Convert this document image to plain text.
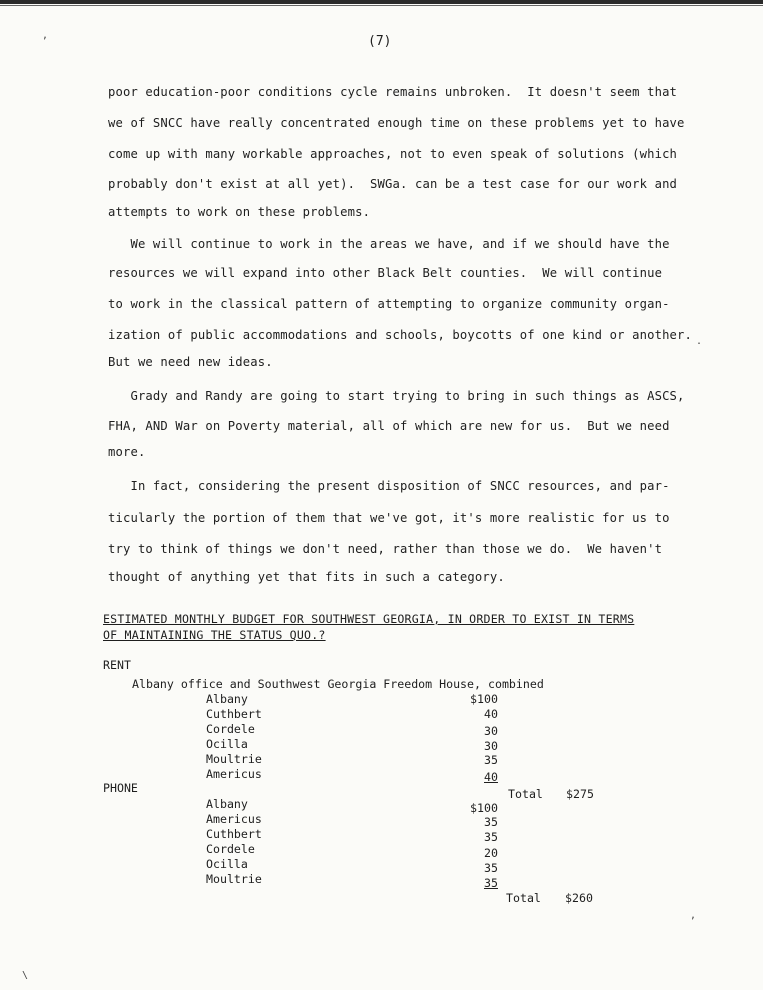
,
\
,
.
(7)
poor education-poor conditions cycle remains unbroken.  It doesn't seem that
we of SNCC have really concentrated enough time on these problems yet to have
come up with many workable approaches, not to even speak of solutions (which
probably don't exist at all yet).  SWGa. can be a test case for our work and
attempts to work on these problems.
We will continue to work in the areas we have, and if we should have the
resources we will expand into other Black Belt counties.  We will continue
to work in the classical pattern of attempting to organize community organ-
ization of public accommodations and schools, boycotts of one kind or another.
But we need new ideas.
Grady and Randy are going to start trying to bring in such things as ASCS,
FHA, AND War on Poverty material, all of which are new for us.  But we need
more.
In fact, considering the present disposition of SNCC resources, and par-
ticularly the portion of them that we've got, it's more realistic for us to
try to think of things we don't need, rather than those we do.  We haven't
thought of anything yet that fits in such a category.
ESTIMATED MONTHLY BUDGET FOR SOUTHWEST GEORGIA, IN ORDER TO EXIST IN TERMS
OF MAINTAINING THE STATUS QUO.?
RENT
Albany office and Southwest Georgia Freedom House, combined
Albany	$100
Cuthbert	40
Cordele	30
Ocilla	30
Moultrie	35
Americus	40
Total $275
PHONE
Albany	$100
Americus	35
Cuthbert	35
Cordele	20
Ocilla	35
Moultrie	35
Total $260
